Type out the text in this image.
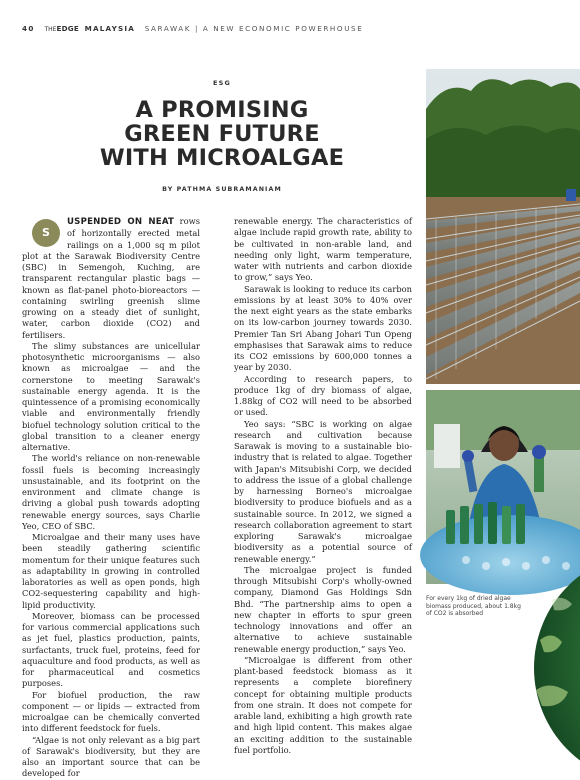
40 THEEDGE MALAYSIA SARAWAK | A NEW ECONOMIC POWERHOUSE
ESG
A PROMISING
GREEN FUTURE
WITH MICROALGAE
BY PATHMA SUBRAMANIAM

S
USPENDED ON NEAT rows of horizontally erected metal railings on a 1,000 sq m pilot plot at the Sarawak Biodiversity Centre (SBC) in Semengoh, Kuching, are transparent rectangular plastic bags — known as flat-panel photo-bioreactors — containing swirling greenish slime growing on a steady diet of sunlight, water, carbon dioxide (CO2) and fertilisers.

The slimy substances are unicellular photosynthetic microorganisms — also known as microalgae — and the cornerstone to meeting Sarawak's sustainable energy agenda. It is the quintessence of a promising economically viable and environmentally friendly biofuel technology solution critical to the global transition to a cleaner energy alternative.

The world's reliance on non-renewable fossil fuels is becoming increasingly unsustainable, and its footprint on the environment and climate change is driving a global push towards adopting renewable energy sources, says Charlie Yeo, CEO of SBC.

Microalgae and their many uses have been steadily gathering scientific momentum for their unique features such as adaptability in growing in controlled laboratories as well as open ponds, high CO2-sequestering capability and high-lipid productivity.

Moreover, biomass can be processed for various commercial applications such as jet fuel, plastics production, paints, surfactants, truck fuel, proteins, feed for aquaculture and food products, as well as for pharmaceutical and cosmetics purposes.

For biofuel production, the raw component — or lipids — extracted from microalgae can be chemically converted into different feedstock for fuels.

“Algae is not only relevant as a big part of Sarawak's biodiversity, but they are also an important source that can be developed for

renewable energy. The characteristics of algae include rapid growth rate, ability to be cultivated in non-arable land, and needing only light, warm temperature, water with nutrients and carbon dioxide to grow,” says Yeo.

Sarawak is looking to reduce its carbon emissions by at least 30% to 40% over the next eight years as the state embarks on its low-carbon journey towards 2030. Premier Tan Sri Abang Johari Tun Openg emphasises that Sarawak aims to reduce its CO2 emissions by 600,000 tonnes a year by 2030.

According to research papers, to produce 1kg of dry biomass of algae, 1.88kg of CO2 will need to be absorbed or used.

Yeo says: “SBC is working on algae research and cultivation because Sarawak is moving to a sustainable bio-industry that is related to algae. Together with Japan's Mitsubishi Corp, we decided to address the issue of a global challenge by harnessing Borneo's microalgae biodiversity to produce biofuels and as a sustainable source. In 2012, we signed a research collaboration agreement to start exploring Sarawak's microalgae biodiversity as a potential source of renewable energy.”

The microalgae project is funded through Mitsubishi Corp's wholly-owned company, Diamond Gas Holdings Sdn Bhd. “The partnership aims to open a new chapter in efforts to spur green technology innovations and offer an alternative to achieve sustainable renewable energy production,” says Yeo.

“Microalgae is different from other plant-based feedstock biomass as it represents a complete biorefinery concept for obtaining multiple products from one strain. It does not compete for arable land, exhibiting a high growth rate and high lipid content. This makes algae an exciting addition to the sustainable fuel portfolio.

For every 1kg of dried algae biomass produced, about 1.8kg of CO2 is absorbed
